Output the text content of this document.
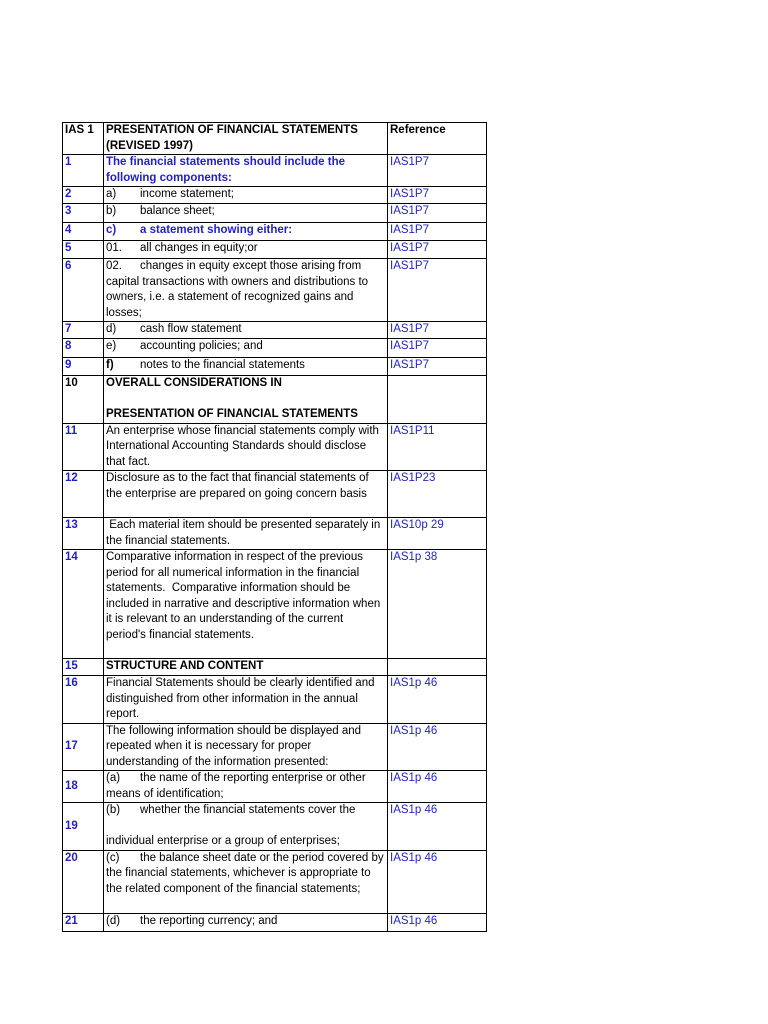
IAS 1	PRESENTATION OF FINANCIAL STATEMENTS
(REVISED 1997)	Reference
1	The financial statements should include the following components:	IAS1P7
2	a) income statement;	IAS1P7
3	b) balance sheet;	IAS1P7
4	c) a statement showing either:	IAS1P7
5	01. all changes in equity;or	IAS1P7
6	02. changes in equity except those arising from capital transactions with owners and distributions to owners, i.e. a statement of recognized gains and losses;	IAS1P7
7	d) cash flow statement	IAS1P7
8	e) accounting policies; and	IAS1P7
9	f) notes to the financial statements	IAS1P7
10	OVERALL CONSIDERATIONS IN
PRESENTATION OF FINANCIAL STATEMENTS	
11	An enterprise whose financial statements comply with International Accounting Standards should disclose that fact.	IAS1P11
12	Disclosure as to the fact that financial statements of the enterprise are prepared on going concern basis	IAS1P23
13	Each material item should be presented separately in the financial statements.	IAS10p 29
14	Comparative information in respect of the previous period for all numerical information in the financial statements.  Comparative information should be included in narrative and descriptive information when it is relevant to an understanding of the current period's financial statements.	IAS1p 38
15	STRUCTURE AND CONTENT	
16	Financial Statements should be clearly identified and distinguished from other information in the annual report.	IAS1p 46
17	The following information should be displayed and repeated when it is necessary for proper understanding of the information presented:	IAS1p 46
18	(a) the name of the reporting enterprise or other means of identification;	IAS1p 46
19	(b) whether the financial statements cover the
individual enterprise or a group of enterprises;	IAS1p 46
20	(c) the balance sheet date or the period covered by the financial statements, whichever is appropriate to the related component of the financial statements;	IAS1p 46
21	(d) the reporting currency; and	IAS1p 46
